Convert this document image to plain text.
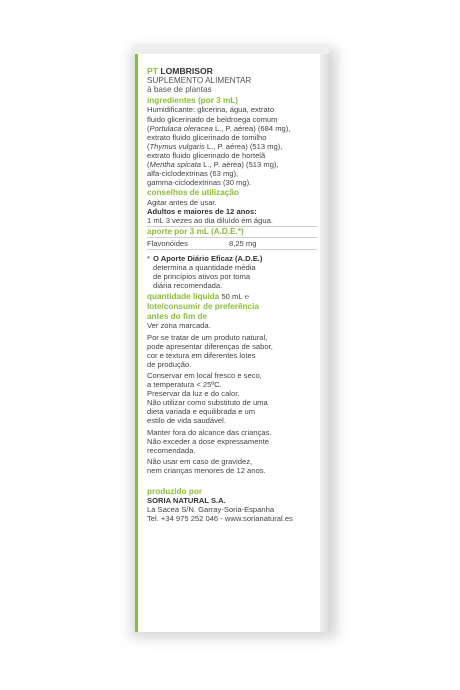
PT LOMBRISOR
SUPLEMENTO ALIMENTAR
à base de plantas
ingredientes (por 3 mL)
Humidificante: glicerina, água, extrato
fluido glicerinado de beldroega comum
(Portulaca oleracea L., P. aérea) (684 mg),
extrato fluido glicerinado de tomilho
(Thymus vulgaris L., P. aérea) (513 mg),
extrato fluido glicerinado de hortelã
(Mentha spicata L., P. aérea) (513 mg),
alfa-ciclodextrinas (63 mg),
gamma-ciclodextrinas (30 mg).
conselhos de utilização
Agitar antes de usar.
Adultos e maiores de 12 anos:
1 mL 3 vezes ao dia diluído em água.
aporte por 3 mL (A.D.E.*)
Flavonóides	8,25 mg
* O Aporte Diário Eficaz (A.D.E.)
determina a quantidade média
de princípios ativos por toma
diária recomendada.
quantidade líquida 50 mL ℮
lote/consumir de preferência
antes do fim de
Ver zona marcada.
Por se tratar de um produto natural,
pode apresentar diferenças de sabor,
cor e textura em diferentes lotes
de produção.
Conservar em local fresco e seco,
a temperatura < 25ºC.
Preservar da luz e do calor.
Não utilizar como substituto de uma
dieta variada e equilibrada e um
estilo de vida saudável.
Manter fora do alcance das crianças.
Não exceder a dose expressamente
recomendada.
Não usar em caso de gravidez,
nem crianças menores de 12 anos.
produzido por
SORIA NATURAL S.A.
La Sacea S/N. Garray-Soria-Espanha
Tel. +34 975 252 046 - www.sorianatural.es
